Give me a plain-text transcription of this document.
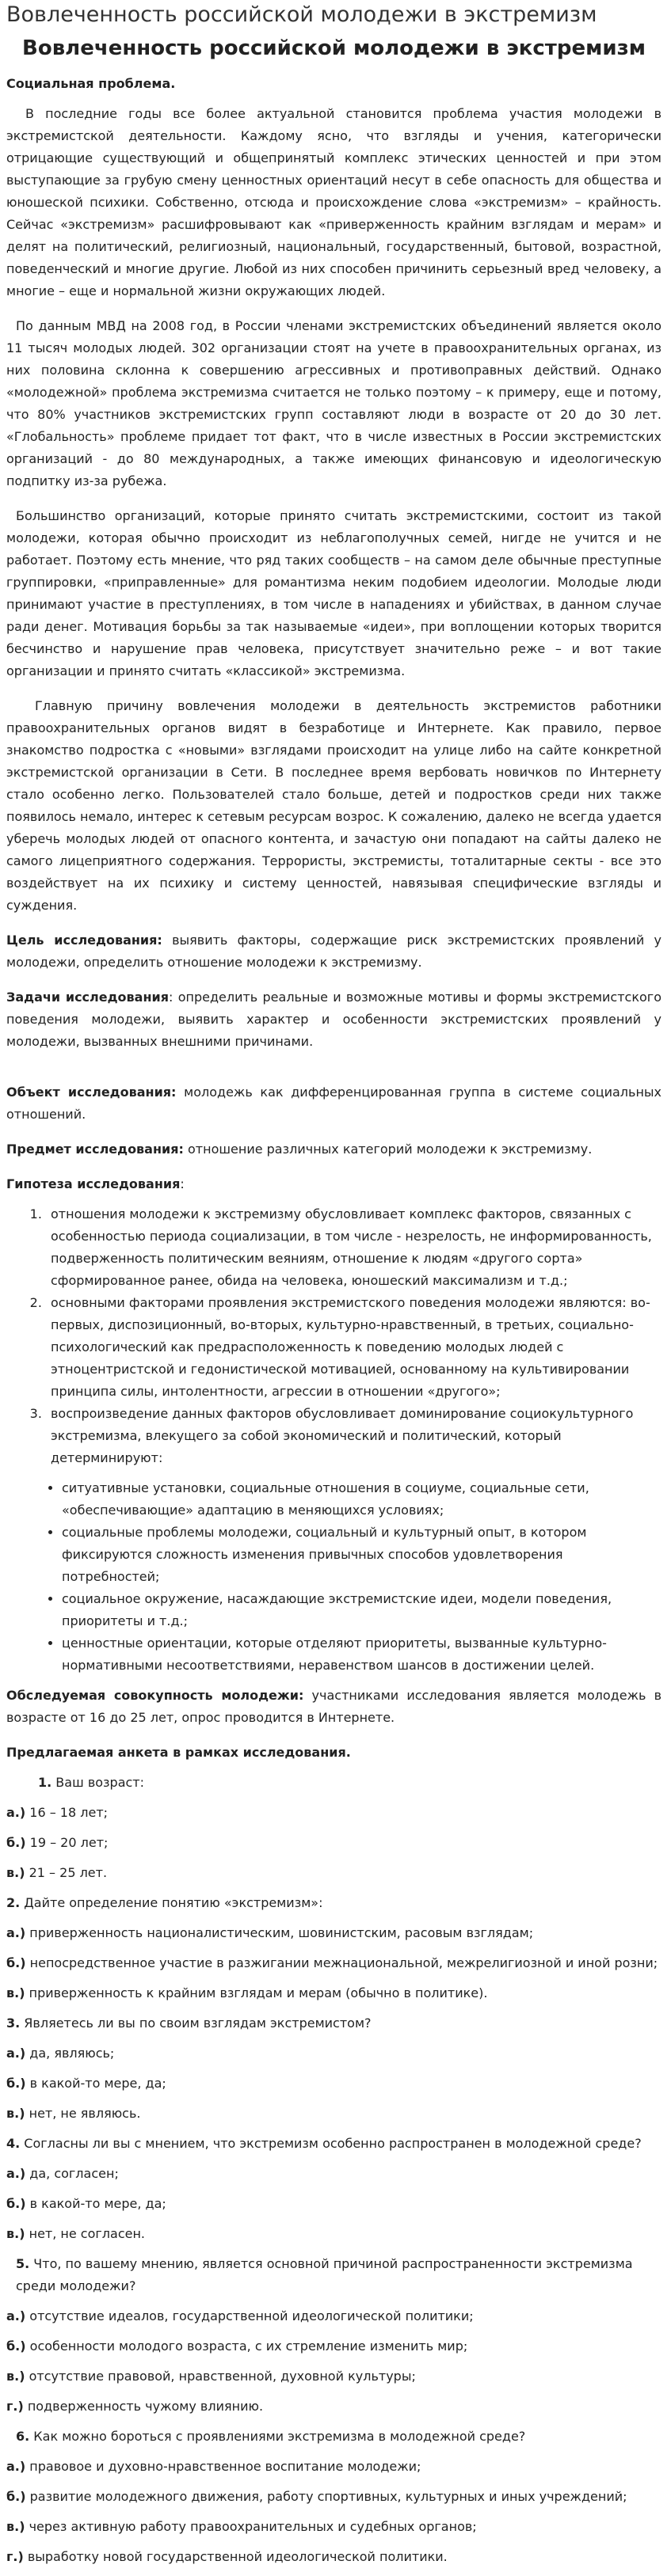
Вовлеченность российской молодежи в экстремизм
Вовлеченность российской молодежи в экстремизм

Социальная проблема.

В последние годы все более актуальной становится проблема участия молодежи в экстремистской деятельности. Каждому ясно, что взгляды и учения, категорически отрицающие существующий и общепринятый комплекс этических ценностей и при этом выступающие за грубую смену ценностных ориентаций несут в себе опасность для общества и юношеской психики. Собственно, отсюда и происхождение слова «экстремизм» – крайность. Сейчас «экстремизм» расшифровывают как «приверженность крайним взглядам и мерам» и делят на политический, религиозный, национальный, государственный, бытовой, возрастной, поведенческий и многие другие. Любой из них способен причинить серьезный вред человеку, а многие – еще и нормальной жизни окружающих людей.

По данным МВД на 2008 год, в России членами экстремистских объединений является около 11 тысяч молодых людей. 302 организации стоят на учете в правоохранительных органах, из них половина склонна к совершению агрессивных и противоправных действий. Однако «молодежной» проблема экстремизма считается не только поэтому – к примеру, еще и потому, что 80% участников экстремистских групп составляют люди в возрасте от 20 до 30 лет. «Глобальность» проблеме придает тот факт, что в числе известных в России экстремистских организаций - до 80 международных, а также имеющих финансовую и идеологическую подпитку из-за рубежа.

Большинство организаций, которые принято считать экстремистскими, состоит из такой молодежи, которая обычно происходит из неблагополучных семей, нигде не учится и не работает. Поэтому есть мнение, что ряд таких сообществ – на самом деле обычные преступные группировки, «приправленные» для романтизма неким подобием идеологии. Молодые люди принимают участие в преступлениях, в том числе в нападениях и убийствах, в данном случае ради денег. Мотивация борьбы за так называемые «идеи», при воплощении которых творится бесчинство и нарушение прав человека, присутствует значительно реже – и вот такие организации и принято считать «классикой» экстремизма.

Главную причину вовлечения молодежи в деятельность экстремистов работники правоохранительных органов видят в безработице и Интернете. Как правило, первое знакомство подростка с «новыми» взглядами происходит на улице либо на сайте конкретной экстремистской организации в Сети. В последнее время вербовать новичков по Интернету стало особенно легко. Пользователей стало больше, детей и подростков среди них также появилось немало, интерес к сетевым ресурсам возрос. К сожалению, далеко не всегда удается уберечь молодых людей от опасного контента, и зачастую они попадают на сайты далеко не самого лицеприятного содержания. Террористы, экстремисты, тоталитарные секты - все это воздействует на их психику и систему ценностей, навязывая специфические взгляды и суждения.

Цель исследования: выявить факторы, содержащие риск экстремистских проявлений у молодежи, определить отношение молодежи к экстремизму.

Задачи исследования: определить реальные и возможные мотивы и формы экстремистского поведения молодежи, выявить характер и особенности экстремистских проявлений у молодежи, вызванных внешними причинами.

Объект исследования: молодежь как дифференцированная группа в системе социальных отношений.

Предмет исследования: отношение различных категорий молодежи к экстремизму.

Гипотеза исследования:

1. отношения молодежи к экстремизму обусловливает комплекс факторов, связанных с особенностью периода социализации, в том числе - незрелость, не информированность, подверженность политическим веяниям, отношение к людям «другого сорта» сформированное ранее, обида на человека, юношеский максимализм и т.д.;
2. основными факторами проявления экстремистского поведения молодежи являются: во-первых, диспозиционный, во-вторых, культурно-нравственный, в третьих, социально-психологический как предрасположенность к поведению молодых людей с этноцентристской и гедонистической мотивацией, основанному на культивировании принципа силы, интолентности, агрессии в отношении «другого»;
3. воспроизведение данных факторов обусловливает доминирование социокультурного экстремизма, влекущего за собой экономический и политический, который детерминируют:
• ситуативные установки, социальные отношения в социуме, социальные сети, «обеспечивающие» адаптацию в меняющихся условиях;
• социальные проблемы молодежи, социальный и культурный опыт, в котором фиксируются сложность изменения привычных способов удовлетворения потребностей;
• социальное окружение, насаждающие экстремистские идеи, модели поведения, приоритеты и т.д.;
• ценностные ориентации, которые отделяют приоритеты, вызванные культурно-нормативными несоответствиями, неравенством шансов в достижении целей.

Обследуемая совокупность молодежи: участниками исследования является молодежь в возрасте от 16 до 25 лет, опрос проводится в Интернете.

Предлагаемая анкета в рамках исследования.

1. Ваш возраст:
а.) 16 – 18 лет;
б.) 19 – 20 лет;
в.) 21 – 25 лет.
2. Дайте определение понятию «экстремизм»:
а.) приверженность националистическим, шовинистским, расовым взглядам;
б.) непосредственное участие в разжигании межнациональной, межрелигиозной и иной розни;
в.) приверженность к крайним взглядам и мерам (обычно в политике).
3. Являетесь ли вы по своим взглядам экстремистом?
а.) да, являюсь;
б.) в какой-то мере, да;
в.) нет, не являюсь.
4. Согласны ли вы с мнением, что экстремизм особенно распространен в молодежной среде?
а.) да, согласен;
б.) в какой-то мере, да;
в.) нет, не согласен.
5. Что, по вашему мнению, является основной причиной распространенности экстремизма среди молодежи?
а.) отсутствие идеалов, государственной идеологической политики;
б.) особенности молодого возраста, с их стремление изменить мир;
в.) отсутствие правовой, нравственной, духовной культуры;
г.) подверженность чужому влиянию.
6. Как можно бороться с проявлениями экстремизма в молодежной среде?
а.) правовое и духовно-нравственное воспитание молодежи;
б.) развитие молодежного движения, работу спортивных, культурных и иных учреждений;
в.) через активную работу правоохранительных и судебных органов;
г.) выработку новой государственной идеологической политики.
